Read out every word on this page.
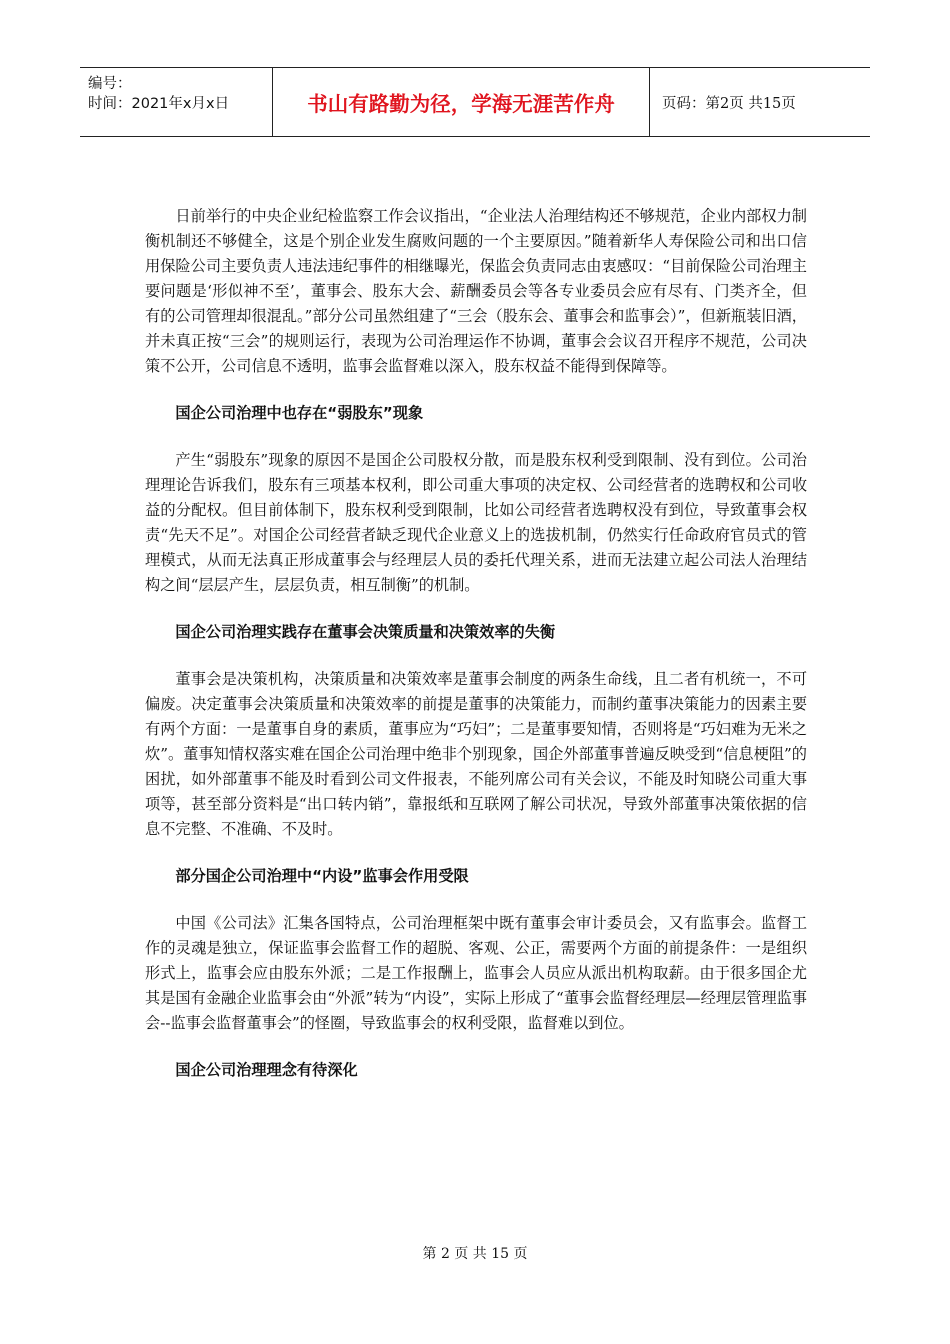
编号：
时间：2021年x月x日	书山有路勤为径，学海无涯苦作舟	页码：第2页 共15页

日前举行的中央企业纪检监察工作会议指出，“企业法人治理结构还不够规范，企业内部权力制衡机制还不够健全，这是个别企业发生腐败问题的一个主要原因。”随着新华人寿保险公司和出口信用保险公司主要负责人违法违纪事件的相继曝光，保监会负责同志由衷感叹：“目前保险公司治理主要问题是‘形似神不至’，董事会、股东大会、薪酬委员会等各专业委员会应有尽有、门类齐全，但有的公司管理却很混乱。”部分公司虽然组建了“三会（股东会、董事会和监事会）”，但新瓶装旧酒，并未真正按“三会”的规则运行，表现为公司治理运作不协调，董事会会议召开程序不规范，公司决策不公开，公司信息不透明，监事会监督难以深入，股东权益不能得到保障等。

国企公司治理中也存在“弱股东”现象

产生“弱股东”现象的原因不是国企公司股权分散，而是股东权利受到限制、没有到位。公司治理理论告诉我们，股东有三项基本权利，即公司重大事项的决定权、公司经营者的选聘权和公司收益的分配权。但目前体制下，股东权利受到限制，比如公司经营者选聘权没有到位，导致董事会权责“先天不足”。对国企公司经营者缺乏现代企业意义上的选拔机制，仍然实行任命政府官员式的管理模式，从而无法真正形成董事会与经理层人员的委托代理关系，进而无法建立起公司法人治理结构之间“层层产生，层层负责，相互制衡”的机制。

国企公司治理实践存在董事会决策质量和决策效率的失衡

董事会是决策机构，决策质量和决策效率是董事会制度的两条生命线，且二者有机统一，不可偏废。决定董事会决策质量和决策效率的前提是董事的决策能力，而制约董事决策能力的因素主要有两个方面：一是董事自身的素质，董事应为“巧妇”；二是董事要知情，否则将是“巧妇难为无米之炊”。董事知情权落实难在国企公司治理中绝非个别现象，国企外部董事普遍反映受到“信息梗阻”的困扰，如外部董事不能及时看到公司文件报表，不能列席公司有关会议，不能及时知晓公司重大事项等，甚至部分资料是“出口转内销”，靠报纸和互联网了解公司状况，导致外部董事决策依据的信息不完整、不准确、不及时。

部分国企公司治理中“内设”监事会作用受限

中国《公司法》汇集各国特点，公司治理框架中既有董事会审计委员会，又有监事会。监督工作的灵魂是独立，保证监事会监督工作的超脱、客观、公正，需要两个方面的前提条件：一是组织形式上，监事会应由股东外派；二是工作报酬上，监事会人员应从派出机构取薪。由于很多国企尤其是国有金融企业监事会由“外派”转为“内设”，实际上形成了“董事会监督经理层—经理层管理监事会--监事会监督董事会”的怪圈，导致监事会的权利受限，监督难以到位。

国企公司治理理念有待深化
第 2 页 共 15 页
